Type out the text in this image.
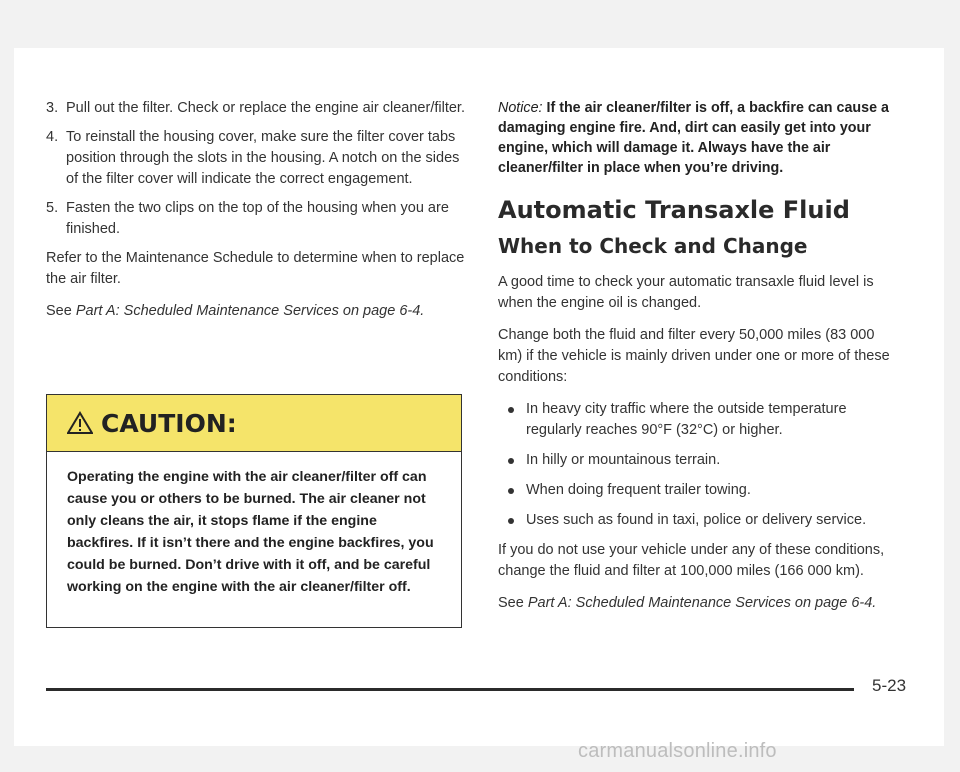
3. Pull out the filter. Check or replace the engine air cleaner/filter.
4. To reinstall the housing cover, make sure the filter cover tabs position through the slots in the housing. A notch on the sides of the filter cover will indicate the correct engagement.
5. Fasten the two clips on the top of the housing when you are finished.

Refer to the Maintenance Schedule to determine when to replace the air filter.

See Part A: Scheduled Maintenance Services on page 6-4.

CAUTION:
Operating the engine with the air cleaner/filter off can cause you or others to be burned. The air cleaner not only cleans the air, it stops flame if the engine backfires. If it isn’t there and the engine backfires, you could be burned. Don’t drive with it off, and be careful working on the engine with the air cleaner/filter off.
Notice: If the air cleaner/filter is off, a backfire can cause a damaging engine fire. And, dirt can easily get into your engine, which will damage it. Always have the air cleaner/filter in place when you’re driving.
Automatic Transaxle Fluid
When to Check and Change

A good time to check your automatic transaxle fluid level is when the engine oil is changed.

Change both the fluid and filter every 50,000 miles (83 000 km) if the vehicle is mainly driven under one or more of these conditions:

In heavy city traffic where the outside temperature regularly reaches 90°F (32°C) or higher.
In hilly or mountainous terrain.
When doing frequent trailer towing.
Uses such as found in taxi, police or delivery service.

If you do not use your vehicle under any of these conditions, change the fluid and filter at 100,000 miles (166 000 km).

See Part A: Scheduled Maintenance Services on page 6-4.

5-23
carmanualsonline.info
